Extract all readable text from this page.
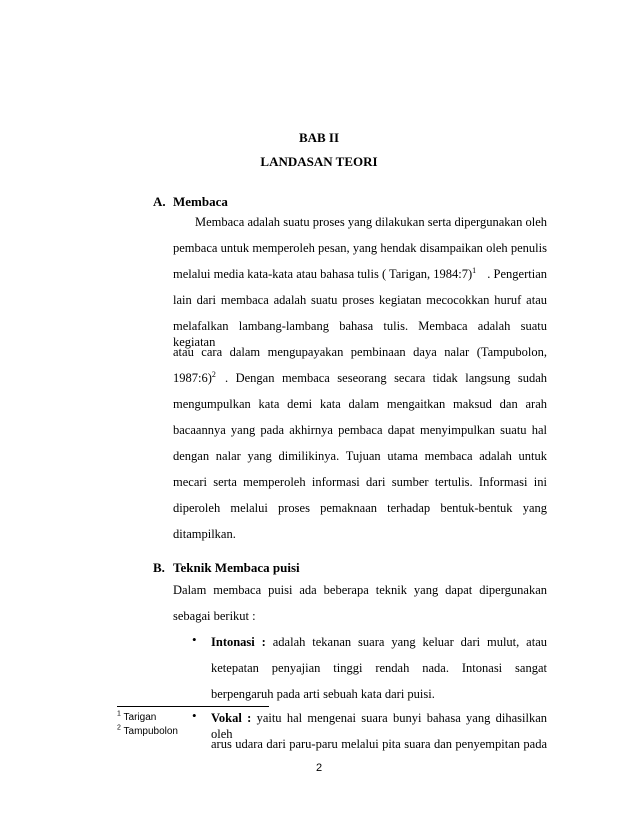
BAB II
LANDASAN TEORI
A. Membaca
Membaca adalah suatu proses yang dilakukan serta dipergunakan oleh
pembaca untuk memperoleh pesan, yang hendak disampaikan oleh penulis
melalui media kata-kata atau bahasa tulis ( Tarigan, 1984:7)$^1$ . Pengertian
lain dari membaca adalah suatu proses kegiatan mecocokkan huruf atau
melafalkan lambang-lambang bahasa tulis. Membaca adalah suatu kegiatan
atau cara dalam mengupayakan pembinaan daya nalar (Tampubolon,
1987:6)$^2$ . Dengan membaca seseorang secara tidak langsung sudah
mengumpulkan kata demi kata dalam mengaitkan maksud dan arah
bacaannya yang pada akhirnya pembaca dapat menyimpulkan suatu hal
dengan nalar yang dimilikinya. Tujuan utama membaca adalah untuk
mecari serta memperoleh informasi dari sumber tertulis. Informasi ini
diperoleh melalui proses pemaknaan terhadap bentuk-bentuk yang
ditampilkan.
B. Teknik Membaca puisi
Dalam membaca puisi ada beberapa teknik yang dapat dipergunakan
sebagai berikut :
• Intonasi : adalah tekanan suara yang keluar dari mulut, atau
ketepatan penyajian tinggi rendah nada. Intonasi sangat
berpengaruh pada arti sebuah kata dari puisi.
• Vokal : yaitu hal mengenai suara bunyi bahasa yang dihasilkan oleh
arus udara dari paru-paru melalui pita suara dan penyempitan pada
$^1$ Tarigan
$^2$ Tampubolon
2
